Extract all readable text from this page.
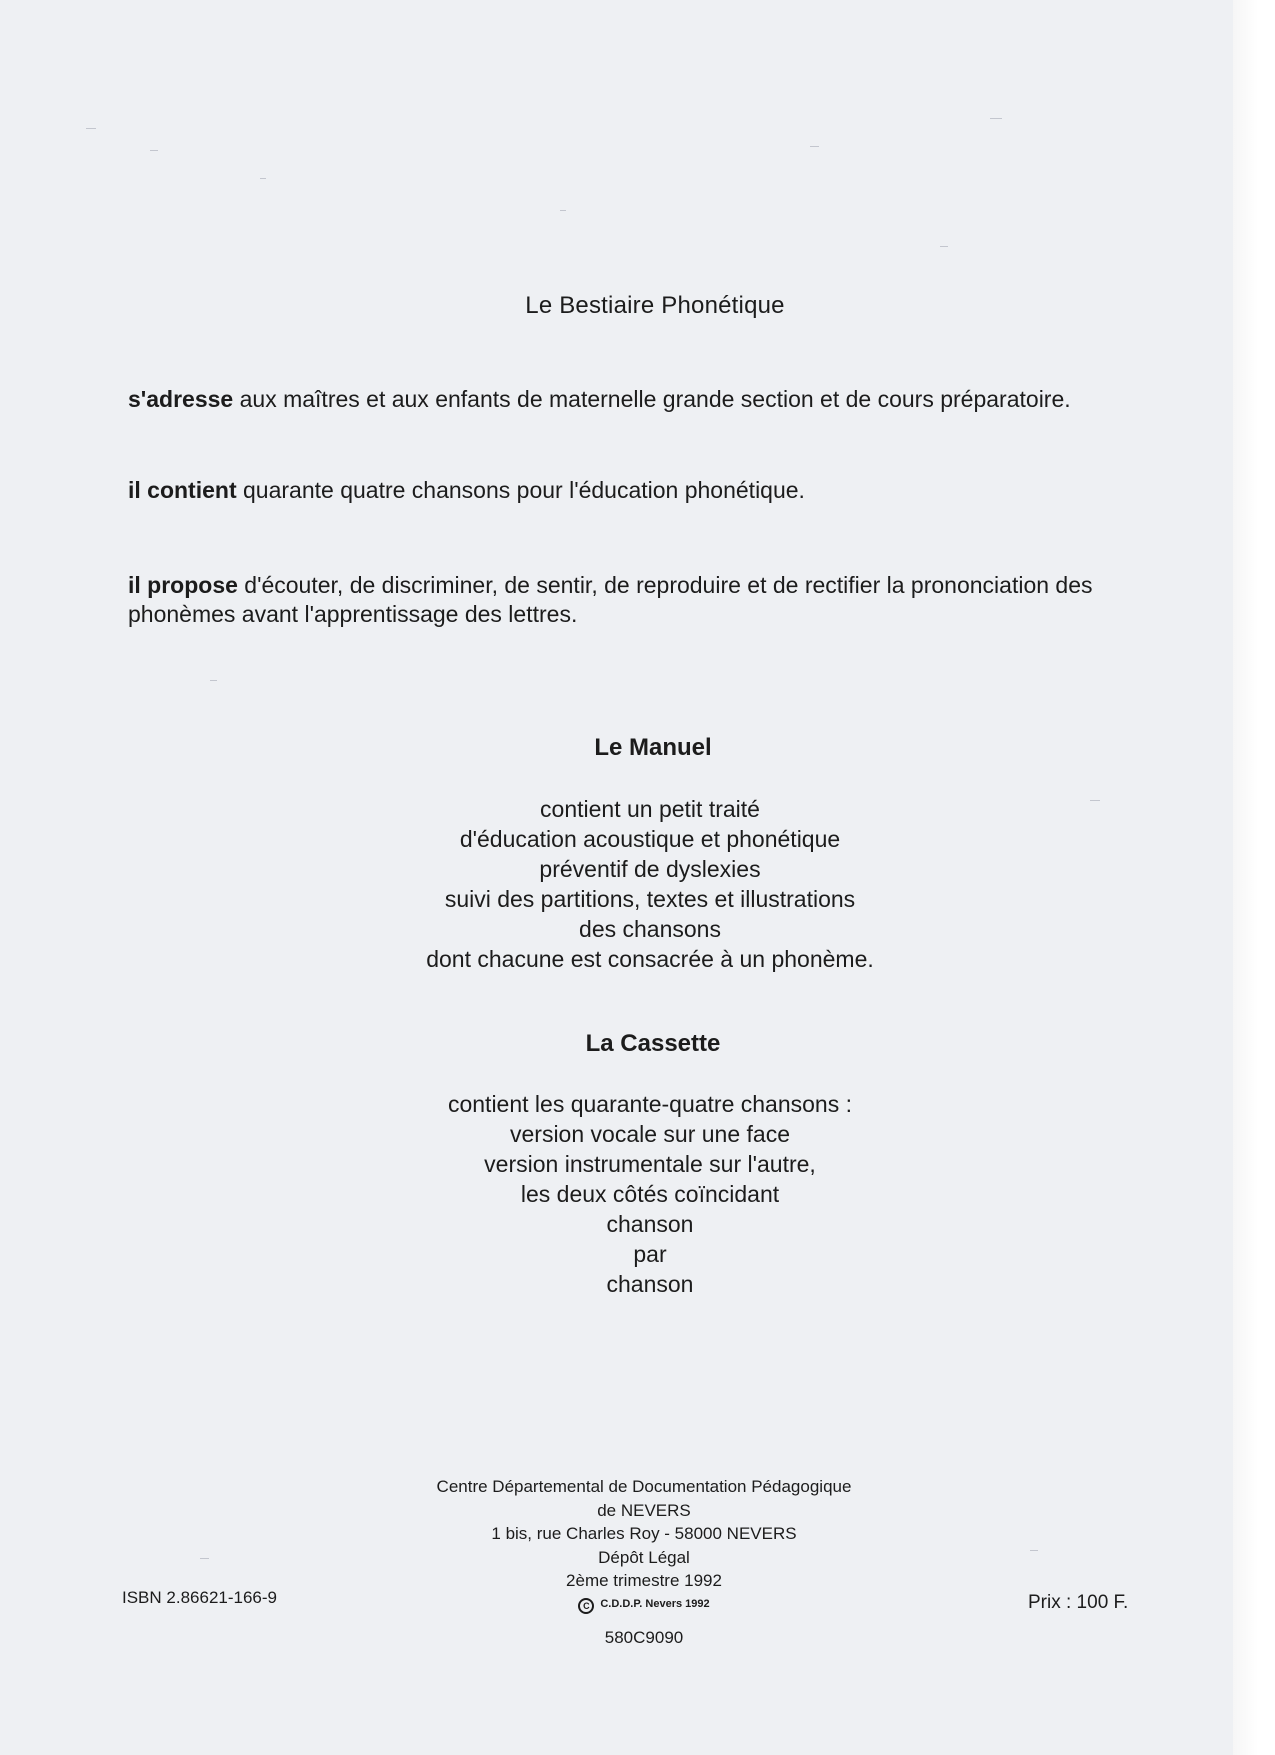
Le Bestiaire Phonétique
s'adresse aux maîtres et aux enfants de maternelle grande section et de cours préparatoire.
il contient quarante quatre chansons pour l'éducation phonétique.
il propose d'écouter, de discriminer, de sentir, de reproduire et de rectifier la prononciation des phonèmes avant l'apprentissage des lettres.
Le Manuel
contient un petit traité
d'éducation acoustique et phonétique
préventif de dyslexies
suivi des partitions, textes et illustrations
des chansons
dont chacune est consacrée à un phonème.
La Cassette
contient les quarante-quatre chansons :
version vocale sur une face
version instrumentale sur l'autre,
les deux côtés coïncidant
chanson
par
chanson
Centre Départemental de Documentation Pédagogique
de NEVERS
1 bis, rue Charles Roy - 58000 NEVERS
Dépôt Légal
2ème trimestre 1992
C C.D.D.P. Nevers 1992
580C9090
ISBN 2.86621-166-9	Prix : 100 F.
